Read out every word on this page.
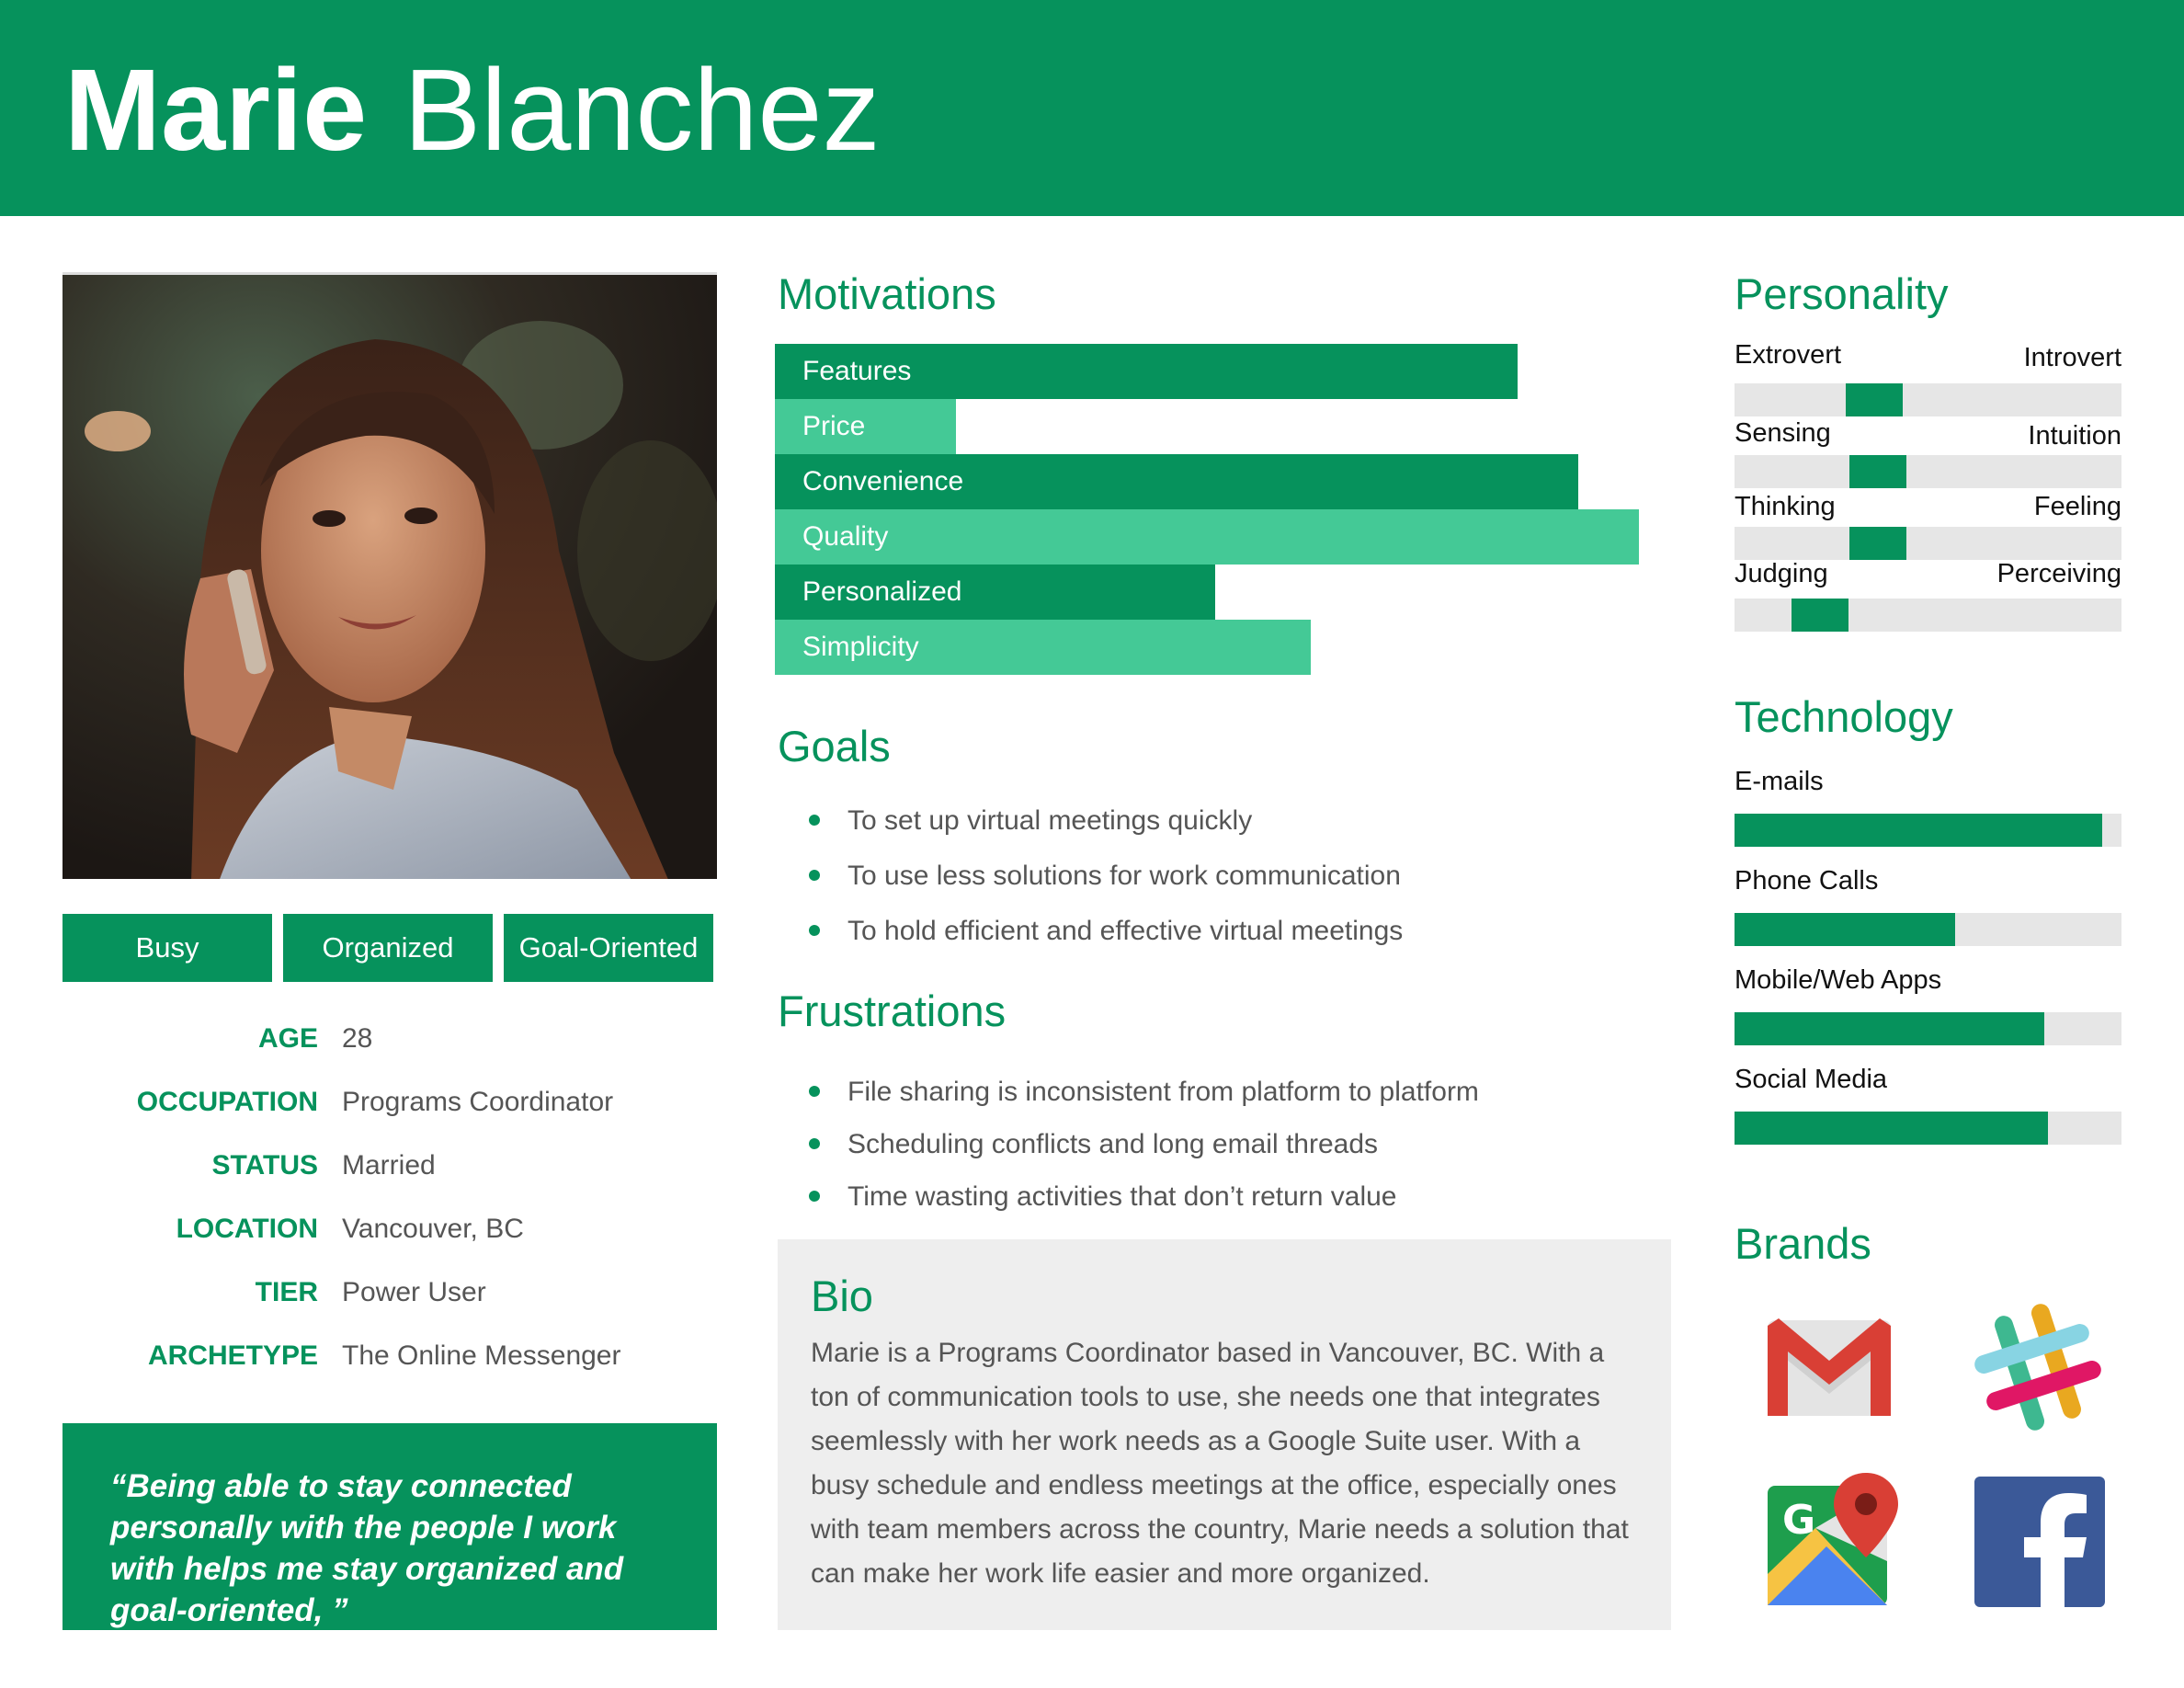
Marie Blanchez
Busy	Organized	Goal-Oriented
AGE 28
OCCUPATION Programs Coordinator
STATUS Married
LOCATION Vancouver, BC
TIER Power User
ARCHETYPE The Online Messenger
“Being able to stay connected personally with the people I work with helps me stay organized and goal-oriented, ”
Motivations
Features
Price
Convenience
Quality
Personalized
Simplicity
Goals
To set up virtual meetings quickly
To use less solutions for work communication
To hold efficient and effective virtual meetings
Frustrations
File sharing is inconsistent from platform to platform
Scheduling conflicts and long email threads
Time wasting activities that don’t return value
Bio
Marie is a Programs Coordinator based in Vancouver, BC. With a ton of communication tools to use, she needs one that integrates seemlessly with her work needs as a Google Suite user. With a busy schedule and endless meetings at the office, especially ones with team members across the country, Marie needs a solution that can make her work life easier and more organized.
Personality
Extrovert	Introvert
Sensing	Intuition
Thinking	Feeling
Judging	Perceiving
Technology
E-mails
Phone Calls
Mobile/Web Apps
Social Media
Brands
G
